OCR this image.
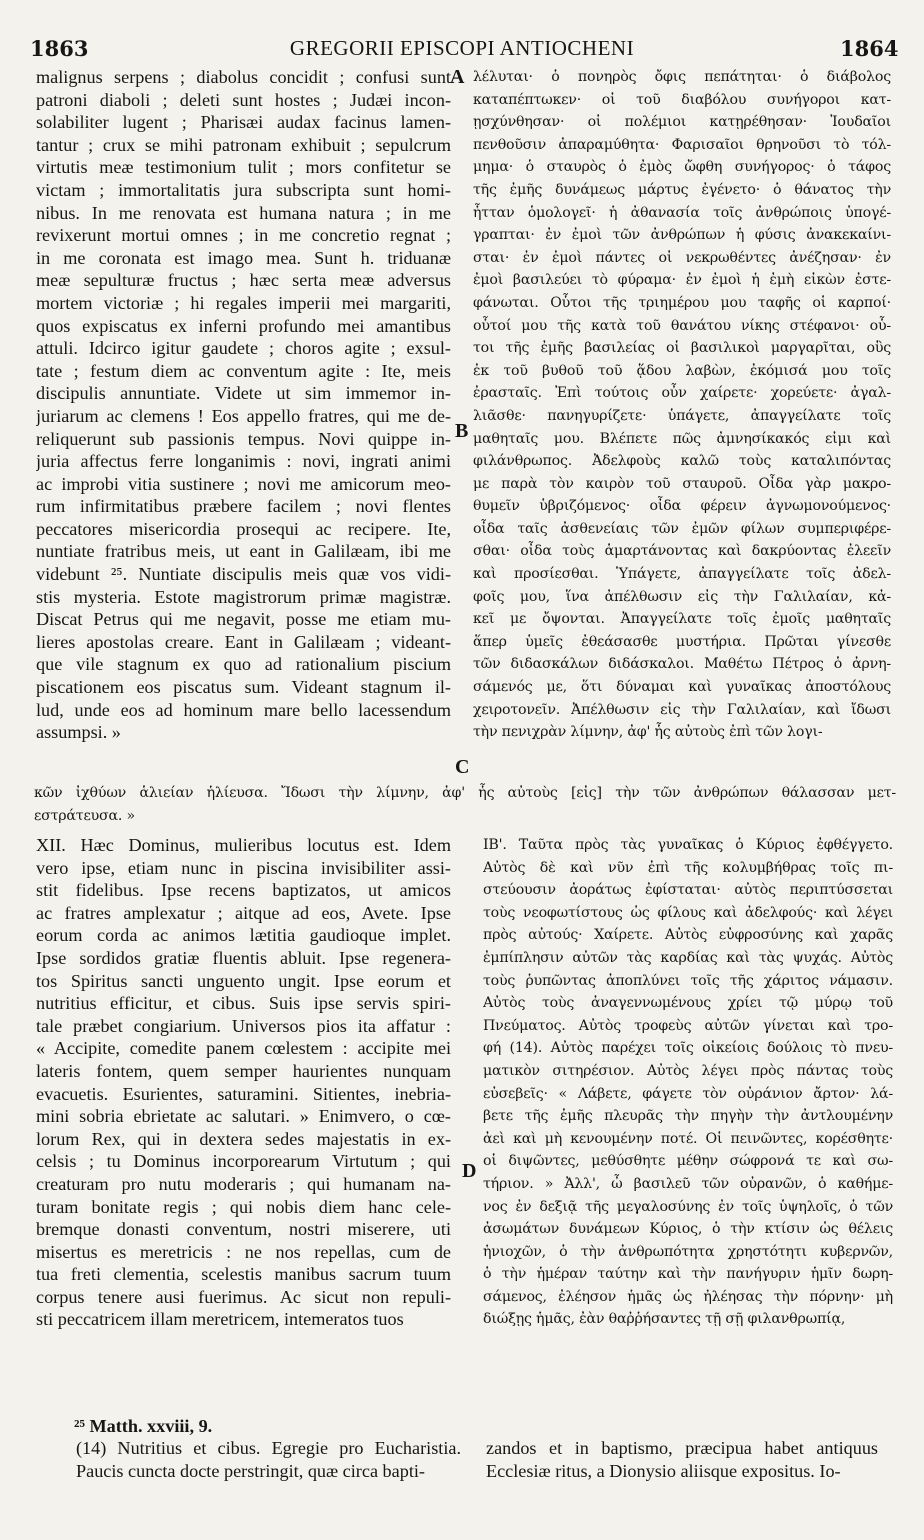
1863	GREGORII EPISCOPI ANTIOCHENI	1864
malignus serpens ; diabolus concidit ; confusi sunt
patroni diaboli ; deleti sunt hostes ; Judæi incon-
solabiliter lugent ; Pharisæi audax facinus lamen-
tantur ; crux se mihi patronam exhibuit ; sepulcrum
virtutis meæ testimonium tulit ; mors confitetur se
victam ; immortalitatis jura subscripta sunt homi-
nibus. In me renovata est humana natura ; in me
revixerunt mortui omnes ; in me concretio regnat ;
in me coronata est imago mea. Sunt h. triduanæ
meæ sepulturæ fructus ; hæc serta meæ adversus
mortem victoriæ ; hi regales imperii mei margariti,
quos expiscatus ex inferni profundo mei amantibus
attuli. Idcirco igitur gaudete ; choros agite ; exsul-
tate ; festum diem ac conventum agite : Ite, meis
discipulis annuntiate. Videte ut sim immemor in-
juriarum ac clemens ! Eos appello fratres, qui me de-
reliquerunt sub passionis tempus. Novi quippe in-
juria affectus ferre longanimis : novi, ingrati animi
ac improbi vitia sustinere ; novi me amicorum meo-
rum infirmitatibus præbere facilem ; novi flentes
peccatores misericordia prosequi ac recipere. Ite,
nuntiate fratribus meis, ut eant in Galilæam, ibi me
videbunt ²⁵. Nuntiate discipulis meis quæ vos vidi-
stis mysteria. Estote magistrorum primæ magistræ.
Discat Petrus qui me negavit, posse me etiam mu-
lieres apostolas creare. Eant in Galilæam ; videant-
que vile stagnum ex quo ad rationalium piscium
piscationem eos piscatus sum. Videant stagnum il-
lud, unde eos ad hominum mare bello lacessendum
assumpsi. »
λέλυται· ὁ πονηρὸς ὄφις πεπάτηται· ὁ διάβολος
καταπέπτωκεν· οἱ τοῦ διαβόλου συνήγοροι κατ-
ῃσχύνθησαν· οἱ πολέμιοι κατῃρέθησαν· Ἰουδαῖοι
πενθοῦσιν ἀπαραμύθητα· Φαρισαῖοι θρηνοῦσι τὸ τόλ-
μημα· ὁ σταυρὸς ὁ ἐμὸς ὤφθη συνήγορος· ὁ τάφος
τῆς ἐμῆς δυνάμεως μάρτυς ἐγένετο· ὁ θάνατος τὴν
ἧτταν ὁμολογεῖ· ἡ ἀθανασία τοῖς ἀνθρώποις ὑπογέ-
γραπται· ἐν ἐμοὶ τῶν ἀνθρώπων ἡ φύσις ἀνακεκαίνι-
σται· ἐν ἐμοὶ πάντες οἱ νεκρωθέντες ἀνέζησαν· ἐν
ἐμοὶ βασιλεύει τὸ φύραμα· ἐν ἐμοὶ ἡ ἐμὴ εἰκὼν ἐστε-
φάνωται. Οὗτοι τῆς τριημέρου μου ταφῆς οἱ καρποί·
οὗτοί μου τῆς κατὰ τοῦ θανάτου νίκης στέφανοι· οὗ-
τοι τῆς ἐμῆς βασιλείας οἱ βασιλικοὶ μαργαρῖται, οὓς
ἐκ τοῦ βυθοῦ τοῦ ᾅδου λαβὼν, ἐκόμισά μου τοῖς
ἐρασταῖς. Ἐπὶ τούτοις οὖν χαίρετε· χορεύετε· ἀγαλ-
λιᾶσθε· πανηγυρίζετε· ὑπάγετε, ἀπαγγείλατε τοῖς
μαθηταῖς μου. Βλέπετε πῶς ἀμνησίκακός εἰμι καὶ
φιλάνθρωπος. Ἀδελφοὺς καλῶ τοὺς καταλιπόντας
με παρὰ τὸν καιρὸν τοῦ σταυροῦ. Οἶδα γὰρ μακρο-
θυμεῖν ὑβριζόμενος· οἶδα φέρειν ἀγνωμονούμενος·
οἶδα ταῖς ἀσθενείαις τῶν ἐμῶν φίλων συμπεριφέρε-
σθαι· οἶδα τοὺς ἁμαρτάνοντας καὶ δακρύοντας ἐλεεῖν
καὶ προσίεσθαι. Ὑπάγετε, ἀπαγγείλατε τοῖς ἀδελ-
φοῖς μου, ἵνα ἀπέλθωσιν εἰς τὴν Γαλιλαίαν, κἀ-
κεῖ με ὄψονται. Ἀπαγγείλατε τοῖς ἐμοῖς μαθηταῖς
ἅπερ ὑμεῖς ἐθεάσασθε μυστήρια. Πρῶται γίνεσθε
τῶν διδασκάλων διδάσκαλοι. Μαθέτω Πέτρος ὁ ἀρνη-
σάμενός με, ὅτι δύναμαι καὶ γυναῖκας ἀποστόλους
χειροτονεῖν. Ἀπέλθωσιν εἰς τὴν Γαλιλαίαν, καὶ ἴδωσι
τὴν πενιχρὰν λίμνην, ἀφ' ἧς αὐτοὺς ἐπὶ τῶν λογι-
A
B
C
D
κῶν ἰχθύων ἁλιείαν ἡλίευσα. Ἴδωσι τὴν λίμνην, ἀφ' ἧς αὐτοὺς [εἰς] τὴν τῶν ἀνθρώπων θάλασσαν μετ-
εστράτευσα. »
XII. Hæc Dominus, mulieribus locutus est. Idem
vero ipse, etiam nunc in piscina invisibiliter assi-
stit fidelibus. Ipse recens baptizatos, ut amicos
ac fratres amplexatur ; aitque ad eos, Avete. Ipse
eorum corda ac animos lætitia gaudioque implet.
Ipse sordidos gratiæ fluentis abluit. Ipse regenera-
tos Spiritus sancti unguento ungit. Ipse eorum et
nutritius efficitur, et cibus. Suis ipse servis spiri-
tale præbet congiarium. Universos pios ita affatur :
« Accipite, comedite panem cœlestem : accipite mei
lateris fontem, quem semper haurientes nunquam
evacuetis. Esurientes, saturamini. Sitientes, inebria-
mini sobria ebrietate ac salutari. » Enimvero, o cœ-
lorum Rex, qui in dextera sedes majestatis in ex-
celsis ; tu Dominus incorporearum Virtutum ; qui
creaturam pro nutu moderaris ; qui humanam na-
turam bonitate regis ; qui nobis diem hanc cele-
bremque donasti conventum, nostri miserere, uti
misertus es meretricis : ne nos repellas, cum de
tua freti clementia, scelestis manibus sacrum tuum
corpus tenere ausi fuerimus. Ac sicut non repuli-
sti peccatricem illam meretricem, intemeratos tuos
ΙΒ'. Ταῦτα πρὸς τὰς γυναῖκας ὁ Κύριος ἐφθέγγετο.
Αὐτὸς δὲ καὶ νῦν ἐπὶ τῆς κολυμβήθρας τοῖς πι-
στεύουσιν ἀοράτως ἐφίσταται· αὐτὸς περιπτύσσεται
τοὺς νεοφωτίστους ὡς φίλους καὶ ἀδελφούς· καὶ λέγει
πρὸς αὐτούς· Χαίρετε. Αὐτὸς εὐφροσύνης καὶ χαρᾶς
ἐμπίπλησιν αὐτῶν τὰς καρδίας καὶ τὰς ψυχάς. Αὐτὸς
τοὺς ῥυπῶντας ἀποπλύνει τοῖς τῆς χάριτος νάμασιν.
Αὐτὸς τοὺς ἀναγεννωμένους χρίει τῷ μύρῳ τοῦ
Πνεύματος. Αὐτὸς τροφεὺς αὐτῶν γίνεται καὶ τρο-
φή (14). Αὐτὸς παρέχει τοῖς οἰκείοις δούλοις τὸ πνευ-
ματικὸν σιτηρέσιον. Αὐτὸς λέγει πρὸς πάντας τοὺς
εὐσεβεῖς· « Λάβετε, φάγετε τὸν οὐράνιον ἄρτον· λά-
βετε τῆς ἐμῆς πλευρᾶς τὴν πηγὴν τὴν ἀντλουμένην
ἀεὶ καὶ μὴ κενουμένην ποτέ. Οἱ πεινῶντες, κορέσθητε·
οἱ διψῶντες, μεθύσθητε μέθην σώφρονά τε καὶ σω-
τήριον. » Ἀλλ', ὦ βασιλεῦ τῶν οὐρανῶν, ὁ καθήμε-
νος ἐν δεξιᾷ τῆς μεγαλοσύνης ἐν τοῖς ὑψηλοῖς, ὁ τῶν
ἀσωμάτων δυνάμεων Κύριος, ὁ τὴν κτίσιν ὡς θέλεις
ἡνιοχῶν, ὁ τὴν ἀνθρωπότητα χρηστότητι κυβερνῶν,
ὁ τὴν ἡμέραν ταύτην καὶ τὴν πανήγυριν ἡμῖν δωρη-
σάμενος, ἐλέησον ἡμᾶς ὡς ἠλέησας τὴν πόρνην· μὴ
διώξῃς ἡμᾶς, ἐὰν θαῤῥήσαντες τῇ σῇ φιλανθρωπίᾳ,
²⁵ Matth. xxviii, 9.
(14) Nutritius et cibus. Egregie pro Eucharistia.
Paucis cuncta docte perstringit, quæ circa bapti-
zandos et in baptismo, præcipua habet antiquus
Ecclesiæ ritus, a Dionysio aliisque expositus. Io-
